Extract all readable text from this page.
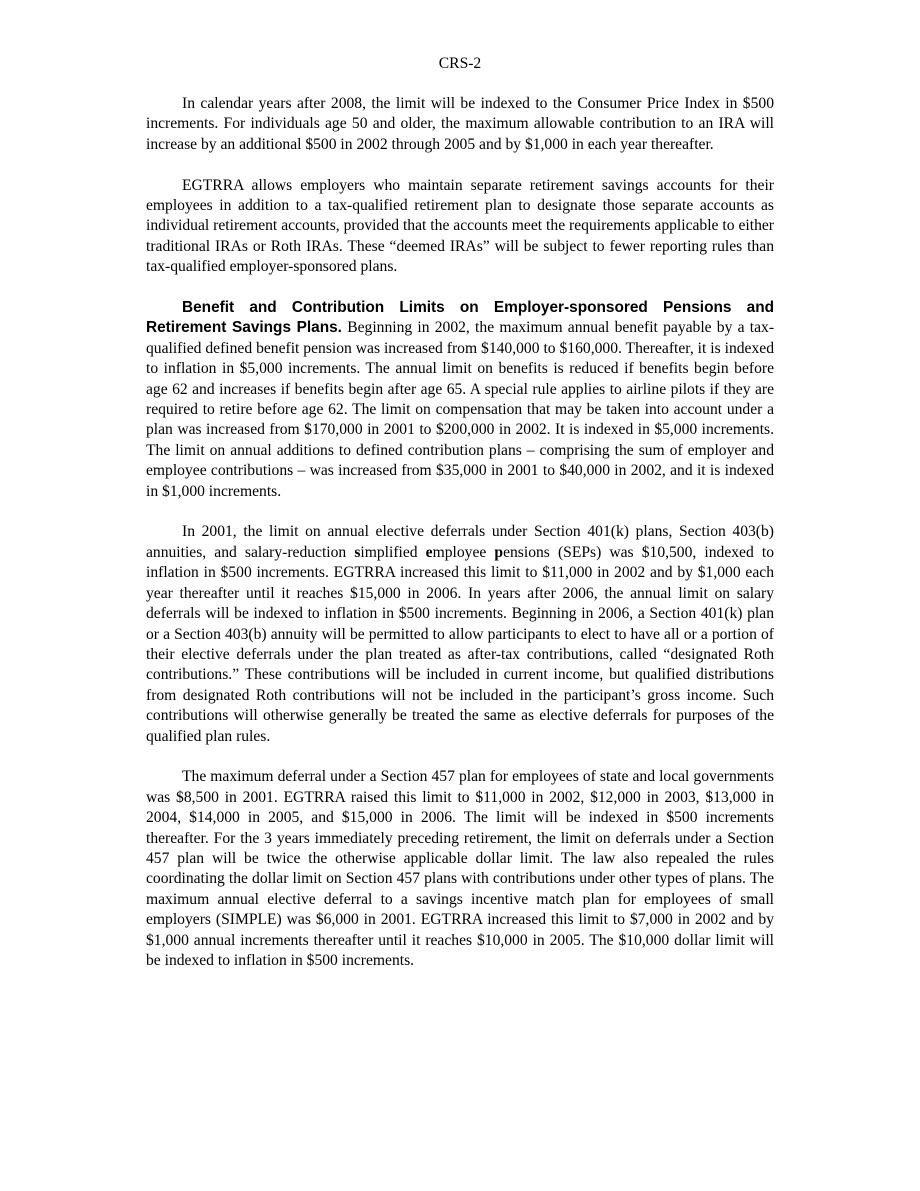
CRS-2

In calendar years after 2008, the limit will be indexed to the Consumer Price Index in $500 increments. For individuals age 50 and older, the maximum allowable contribution to an IRA will increase by an additional $500 in 2002 through 2005 and by $1,000 in each year thereafter.

EGTRRA allows employers who maintain separate retirement savings accounts for their employees in addition to a tax-qualified retirement plan to designate those separate accounts as individual retirement accounts, provided that the accounts meet the requirements applicable to either traditional IRAs or Roth IRAs. These “deemed IRAs” will be subject to fewer reporting rules than tax-qualified employer-sponsored plans.

Benefit and Contribution Limits on Employer-sponsored Pensions and Retirement Savings Plans. Beginning in 2002, the maximum annual benefit payable by a tax-qualified defined benefit pension was increased from $140,000 to $160,000. Thereafter, it is indexed to inflation in $5,000 increments. The annual limit on benefits is reduced if benefits begin before age 62 and increases if benefits begin after age 65. A special rule applies to airline pilots if they are required to retire before age 62. The limit on compensation that may be taken into account under a plan was increased from $170,000 in 2001 to $200,000 in 2002. It is indexed in $5,000 increments. The limit on annual additions to defined contribution plans – comprising the sum of employer and employee contributions – was increased from $35,000 in 2001 to $40,000 in 2002, and it is indexed in $1,000 increments.

In 2001, the limit on annual elective deferrals under Section 401(k) plans, Section 403(b) annuities, and salary-reduction simplified employee pensions (SEPs) was $10,500, indexed to inflation in $500 increments. EGTRRA increased this limit to $11,000 in 2002 and by $1,000 each year thereafter until it reaches $15,000 in 2006. In years after 2006, the annual limit on salary deferrals will be indexed to inflation in $500 increments. Beginning in 2006, a Section 401(k) plan or a Section 403(b) annuity will be permitted to allow participants to elect to have all or a portion of their elective deferrals under the plan treated as after-tax contributions, called “designated Roth contributions.” These contributions will be included in current income, but qualified distributions from designated Roth contributions will not be included in the participant’s gross income. Such contributions will otherwise generally be treated the same as elective deferrals for purposes of the qualified plan rules.

The maximum deferral under a Section 457 plan for employees of state and local governments was $8,500 in 2001. EGTRRA raised this limit to $11,000 in 2002, $12,000 in 2003, $13,000 in 2004, $14,000 in 2005, and $15,000 in 2006. The limit will be indexed in $500 increments thereafter. For the 3 years immediately preceding retirement, the limit on deferrals under a Section 457 plan will be twice the otherwise applicable dollar limit. The law also repealed the rules coordinating the dollar limit on Section 457 plans with contributions under other types of plans. The maximum annual elective deferral to a savings incentive match plan for employees of small employers (SIMPLE) was $6,000 in 2001. EGTRRA increased this limit to $7,000 in 2002 and by $1,000 annual increments thereafter until it reaches $10,000 in 2005. The $10,000 dollar limit will be indexed to inflation in $500 increments.
